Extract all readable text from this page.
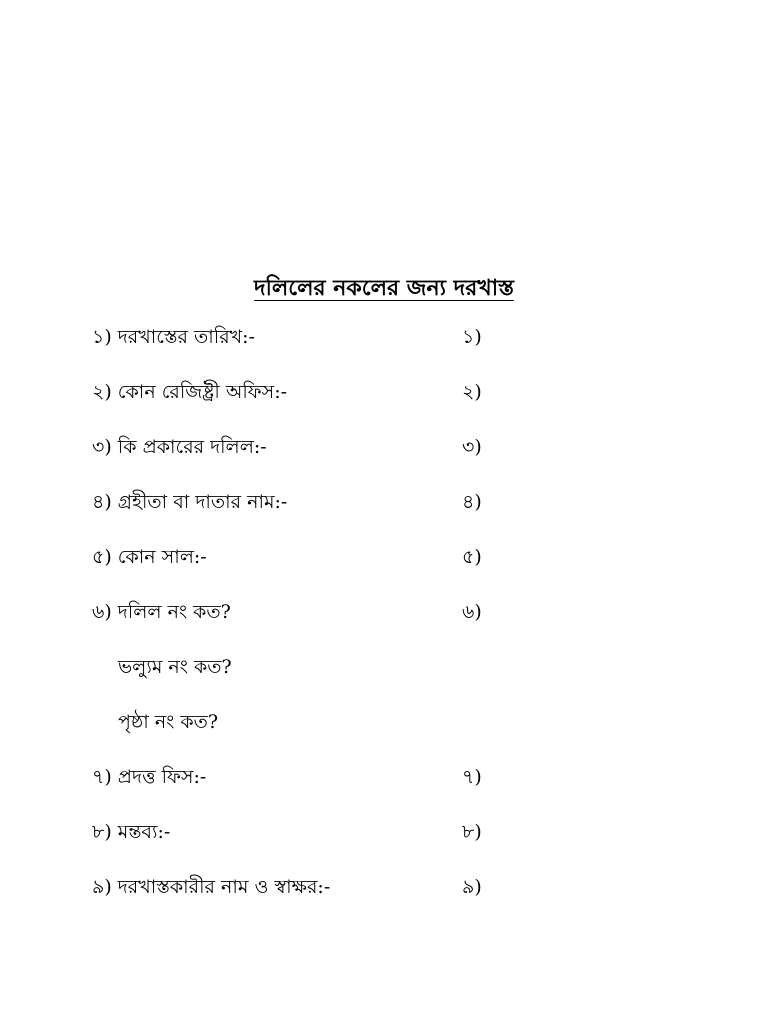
দলিলের নকলের জন্য দরখাস্ত
১) দরখাস্তের তারিখ:-	১)
২) কোন রেজিষ্ট্রী অফিস:-	২)
৩) কি প্রকারের দলিল:-	৩)
৪) গ্রহীতা বা দাতার নাম:-	৪)
৫) কোন সাল:-	৫)
৬) দলিল নং কত?	৬)
ভল্যুম নং কত?
পৃষ্ঠা নং কত?
৭) প্রদত্ত ফিস:-	৭)
৮) মন্তব্য:-	৮)
৯) দরখাস্তকারীর নাম ও স্বাক্ষর:-	৯)
